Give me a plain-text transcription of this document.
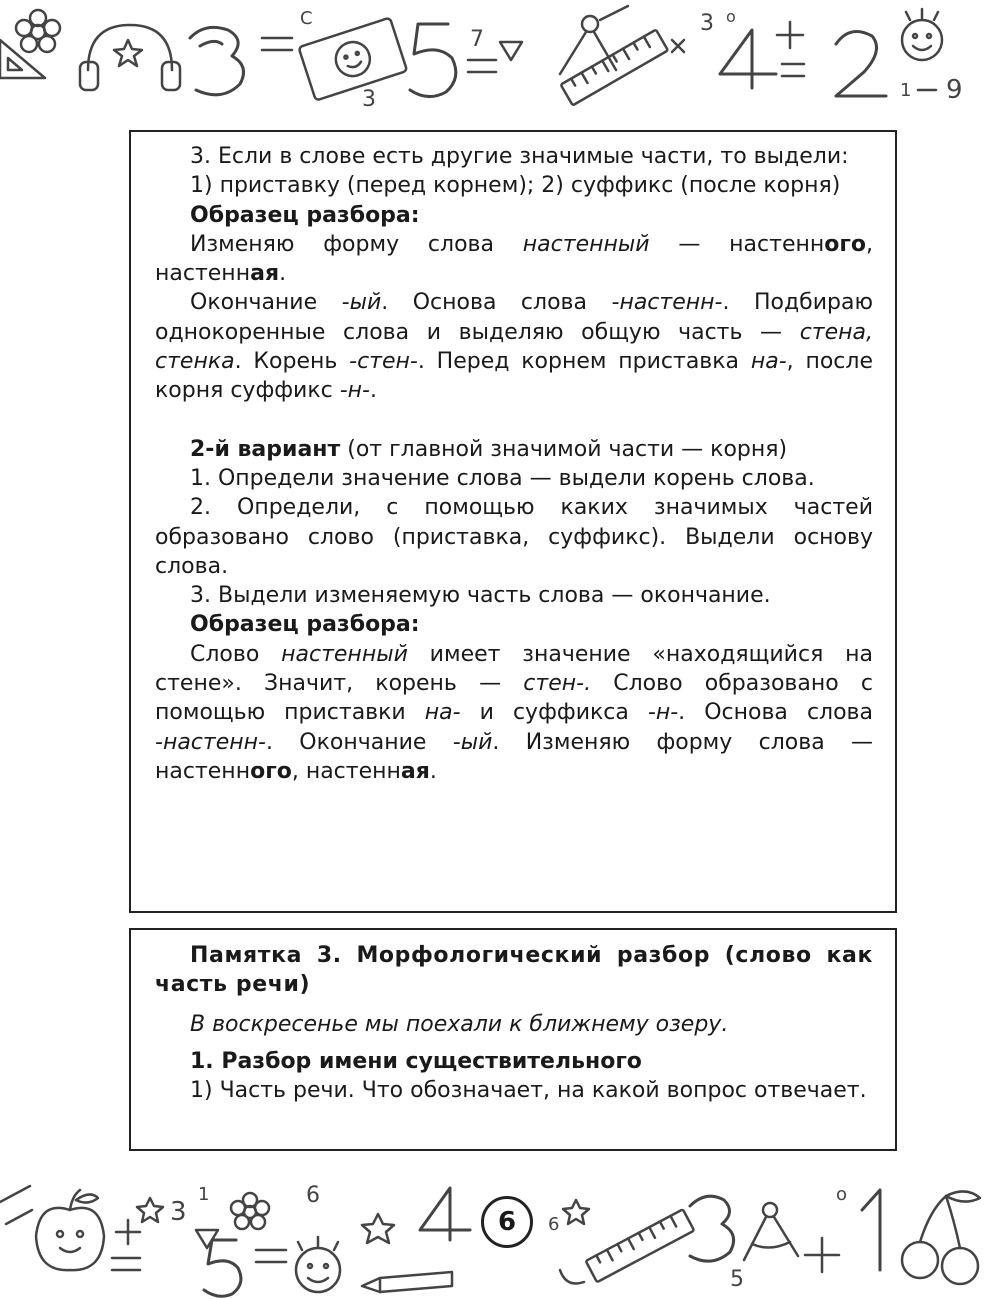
C
3
7
3 o
1 9

3. Если в слове есть другие значимые части, то выдели:

1) приставку (перед корнем); 2) суффикс (после корня)

Образец разбора:

Изменяю форму слова настенный — настенного, настенная.

Окончание -ый. Основа слова -настенн-. Подбираю однокоренные слова и выделяю общую часть — стена, стенка. Корень -стен-. Перед корнем приставка на-, после корня суффикс -н-.

2-й вариант (от главной значимой части — корня)

1. Определи значение слова — выдели корень слова.

2. Определи, с помощью каких значимых частей образовано слово (приставка, суффикс). Выдели основу слова.

3. Выдели изменяемую часть слова — окончание.

Образец разбора:

Слово настенный имеет значение «находящийся на стене». Значит, корень — стен-. Слово образовано с помощью приставки на- и суффикса -н-. Основа слова -настенн-. Окончание -ый. Изменяю форму слова — настенного, настенная.

Памятка 3. Морфологический разбор (слово как часть речи)

В воскресенье мы поехали к ближнему озеру.

1. Разбор имени существительного

1) Часть речи. Что обозначает, на какой вопрос отвечает.

3
1	6
6
5
o
6
